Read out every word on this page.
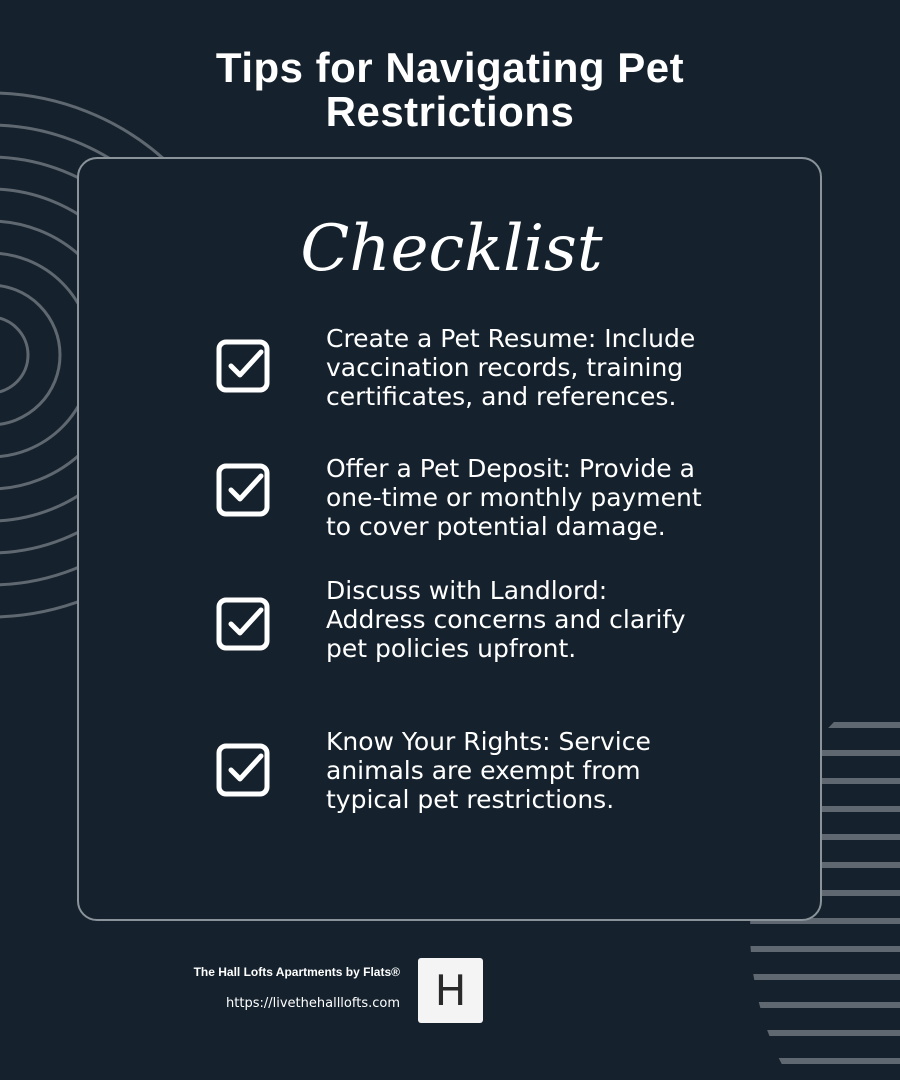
Tips for Navigating Pet
Restrictions
Checklist
Create a Pet Resume: Include
vaccination records, training
certificates, and references.
Offer a Pet Deposit: Provide a
one-time or monthly payment
to cover potential damage.
Discuss with Landlord:
Address concerns and clarify
pet policies upfront.
Know Your Rights: Service
animals are exempt from
typical pet restrictions.
The Hall Lofts Apartments by Flats®
https://livethehalllofts.com H
